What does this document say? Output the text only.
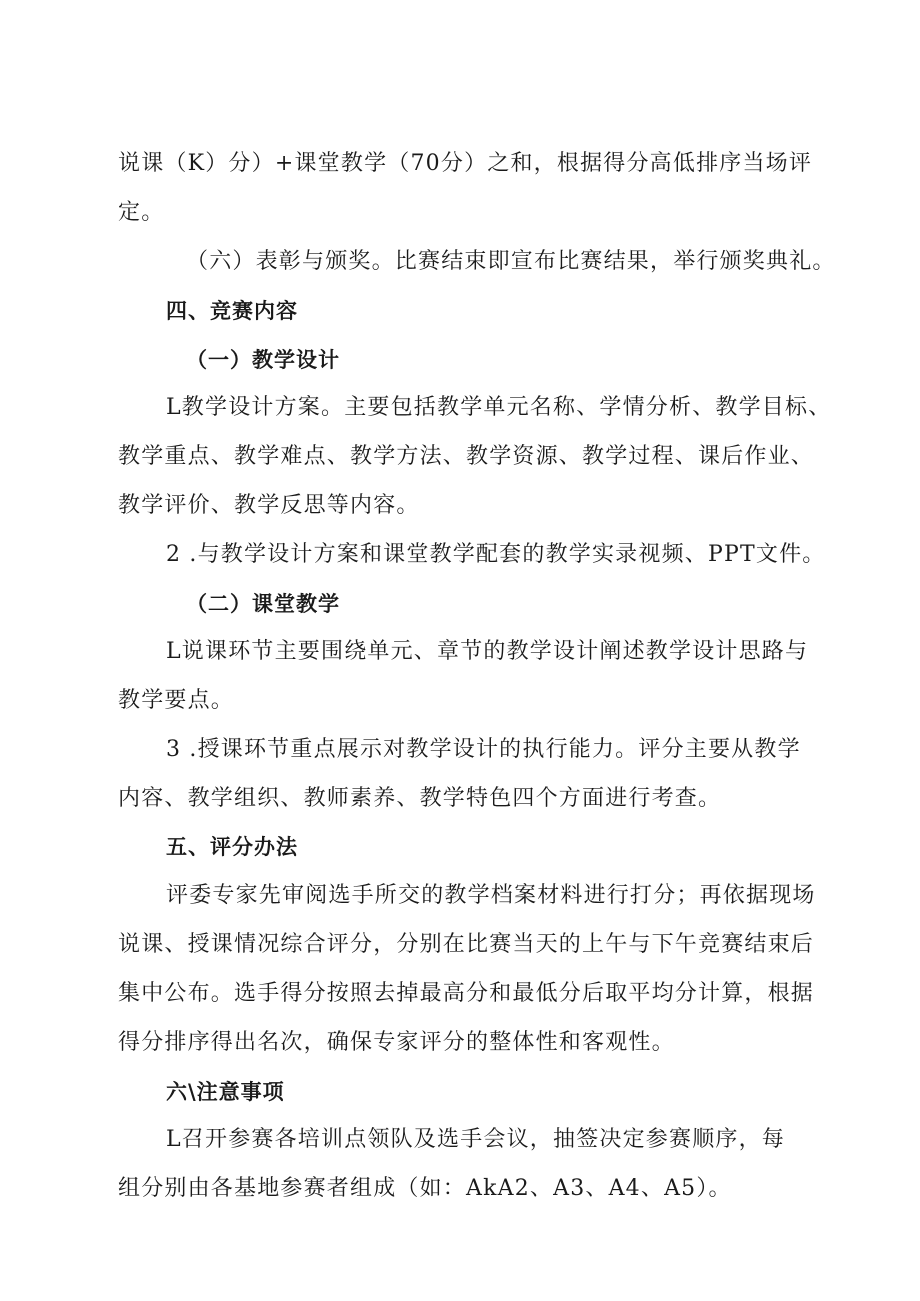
说课（K）分）+课堂教学（70分）之和，根据得分高低排序当场评
定。
（六）表彰与颁奖。比赛结束即宣布比赛结果，举行颁奖典礼。
四、竞赛内容
（一）教学设计
L教学设计方案。主要包括教学单元名称、学情分析、教学目标、
教学重点、教学难点、教学方法、教学资源、教学过程、课后作业、
教学评价、教学反思等内容。
2 .与教学设计方案和课堂教学配套的教学实录视频、PPT文件。
（二）课堂教学
L说课环节主要围绕单元、章节的教学设计阐述教学设计思路与
教学要点。
3 .授课环节重点展示对教学设计的执行能力。评分主要从教学
内容、教学组织、教师素养、教学特色四个方面进行考查。
五、评分办法
评委专家先审阅选手所交的教学档案材料进行打分；再依据现场
说课、授课情况综合评分，分别在比赛当天的上午与下午竞赛结束后
集中公布。选手得分按照去掉最高分和最低分后取平均分计算，根据
得分排序得出名次，确保专家评分的整体性和客观性。
六\注意事项
L召开参赛各培训点领队及选手会议，抽签决定参赛顺序，每
组分别由各基地参赛者组成（如：AkA2、A3、A4、A5）。
